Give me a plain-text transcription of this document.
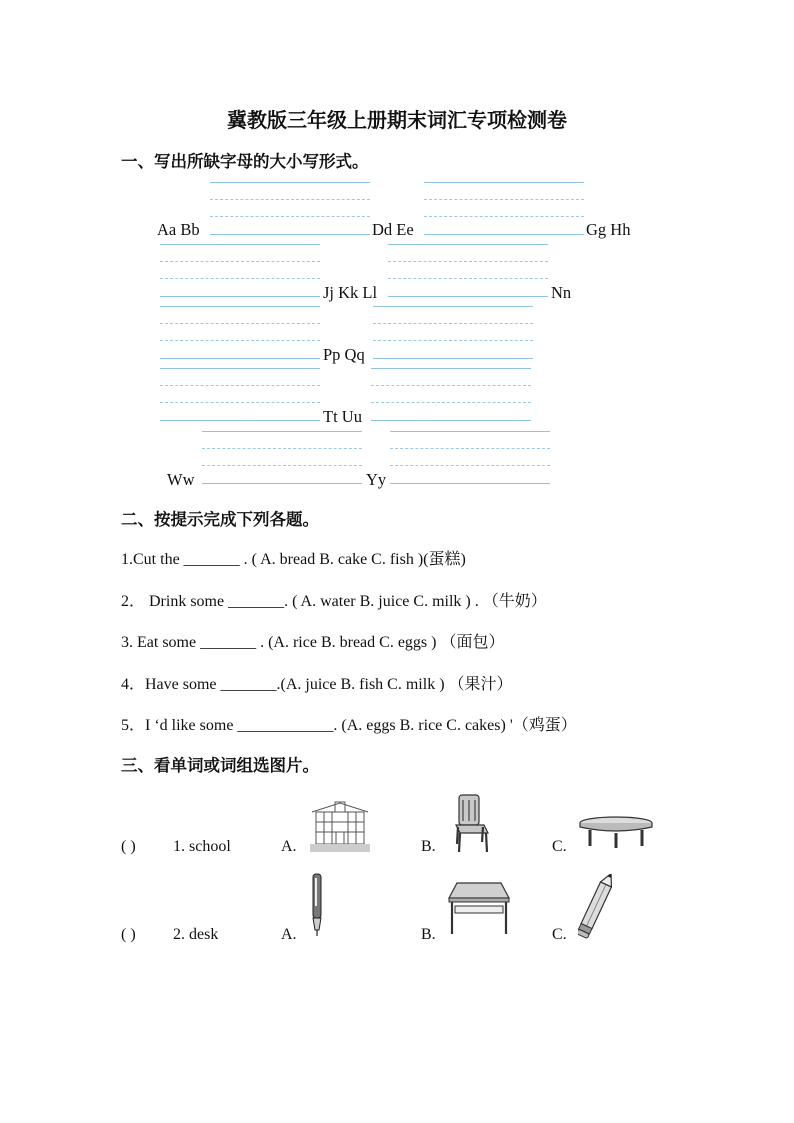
冀教版三年级上册期末词汇专项检测卷
一、写出所缺字母的大小写形式。
Aa Bb	Dd Ee	Gg Hh
Jj Kk Ll	Nn
Pp Qq
Tt Uu
Ww	Yy
二、按提示完成下列各题。
1.Cut the _______ . ( A. bread B. cake C. fish )(蛋糕)
2． Drink some _______. ( A. water B. juice C. milk ) . （牛奶）
3. Eat some _______ . (A. rice B. bread C. eggs ) （面包）
4．Have some _______.(A. juice B. fish C. milk ) （果汁）
5．I ‘d like some ____________. (A. eggs B. rice C. cakes) '（鸡蛋）
三、看单词或词组选图片。
( ) 1. school	A.	B.	C.
( ) 2. desk	A.	B.	C.
